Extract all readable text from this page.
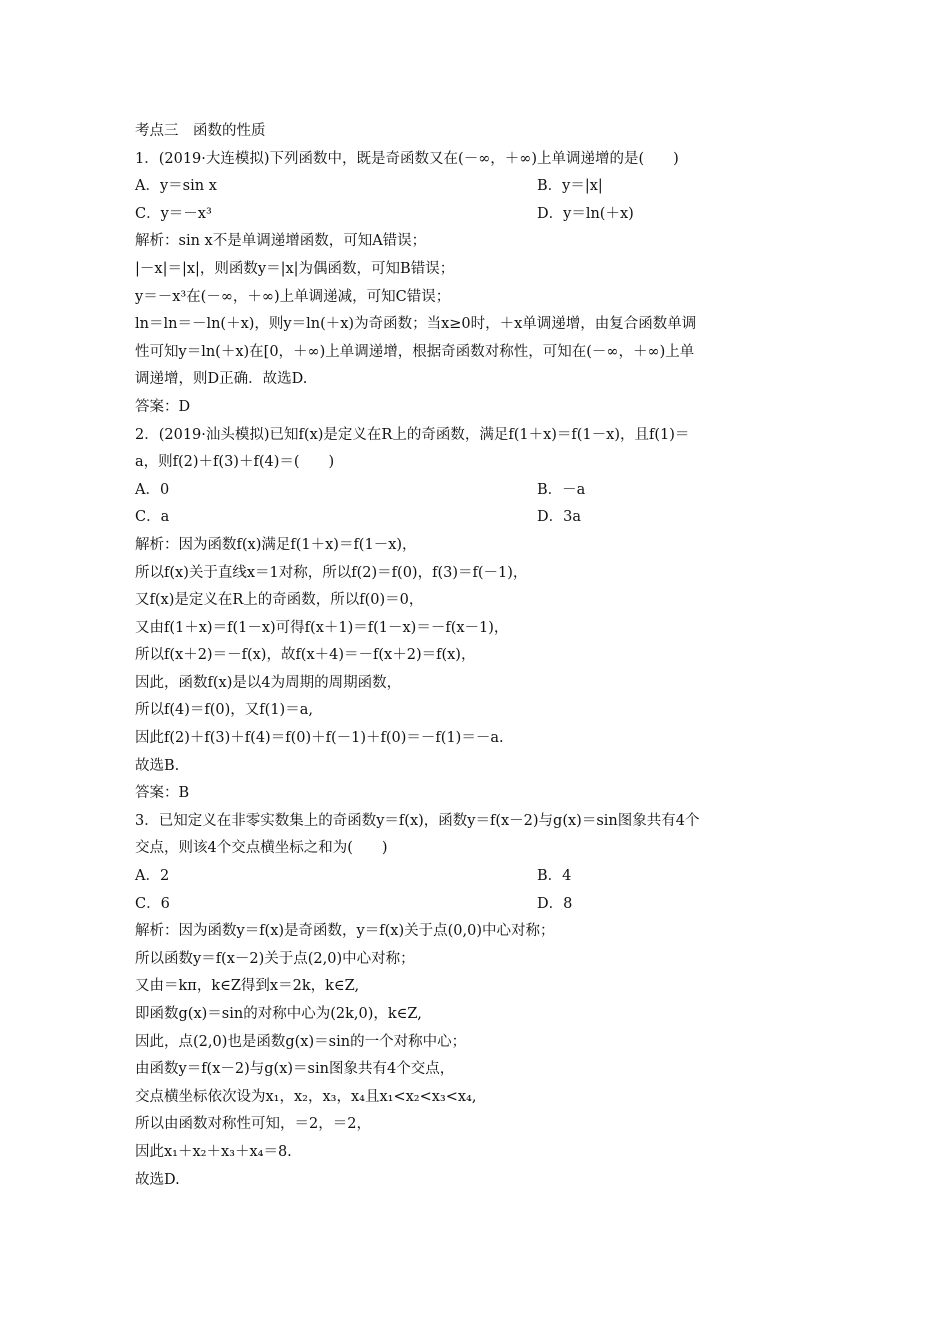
考点三　函数的性质
1．(2019·大连模拟)下列函数中，既是奇函数又在(－∞，＋∞)上单调递增的是(　　)
A．y＝sin x	B．y＝|x|
C．y＝－x³	D．y＝ln(＋x)
解析：sin x不是单调递增函数，可知A错误；
|－x|＝|x|，则函数y＝|x|为偶函数，可知B错误；
y＝－x³在(－∞，＋∞)上单调递减，可知C错误；
ln＝ln＝－ln(＋x)，则y＝ln(＋x)为奇函数；当x≥0时，＋x单调递增，由复合函数单调
性可知y＝ln(＋x)在[0，＋∞)上单调递增，根据奇函数对称性，可知在(－∞，＋∞)上单
调递增，则D正确．故选D.
答案：D
2．(2019·汕头模拟)已知f(x)是定义在R上的奇函数，满足f(1＋x)＝f(1－x)，且f(1)＝
a，则f(2)＋f(3)＋f(4)＝(　　)
A．0	B．－a
C．a	D．3a
解析：因为函数f(x)满足f(1＋x)＝f(1－x)，
所以f(x)关于直线x＝1对称，所以f(2)＝f(0)，f(3)＝f(－1)，
又f(x)是定义在R上的奇函数，所以f(0)＝0，
又由f(1＋x)＝f(1－x)可得f(x＋1)＝f(1－x)＝－f(x－1)，
所以f(x＋2)＝－f(x)，故f(x＋4)＝－f(x＋2)＝f(x)，
因此，函数f(x)是以4为周期的周期函数，
所以f(4)＝f(0)，又f(1)＝a,
因此f(2)＋f(3)＋f(4)＝f(0)＋f(－1)＋f(0)＝－f(1)＝－a.
故选B.
答案：B
3．已知定义在非零实数集上的奇函数y＝f(x)，函数y＝f(x－2)与g(x)＝sin图象共有4个
交点，则该4个交点横坐标之和为(　　)
A．2	B．4
C．6	D．8
解析：因为函数y＝f(x)是奇函数，y＝f(x)关于点(0,0)中心对称；
所以函数y＝f(x－2)关于点(2,0)中心对称；
又由＝kπ，k∈Z得到x＝2k，k∈Z,
即函数g(x)＝sin的对称中心为(2k,0)，k∈Z,
因此，点(2,0)也是函数g(x)＝sin的一个对称中心；
由函数y＝f(x－2)与g(x)＝sin图象共有4个交点，
交点横坐标依次设为x₁，x₂，x₃，x₄且x₁<x₂<x₃<x₄,
所以由函数对称性可知，＝2，＝2，
因此x₁＋x₂＋x₃＋x₄＝8.
故选D.
